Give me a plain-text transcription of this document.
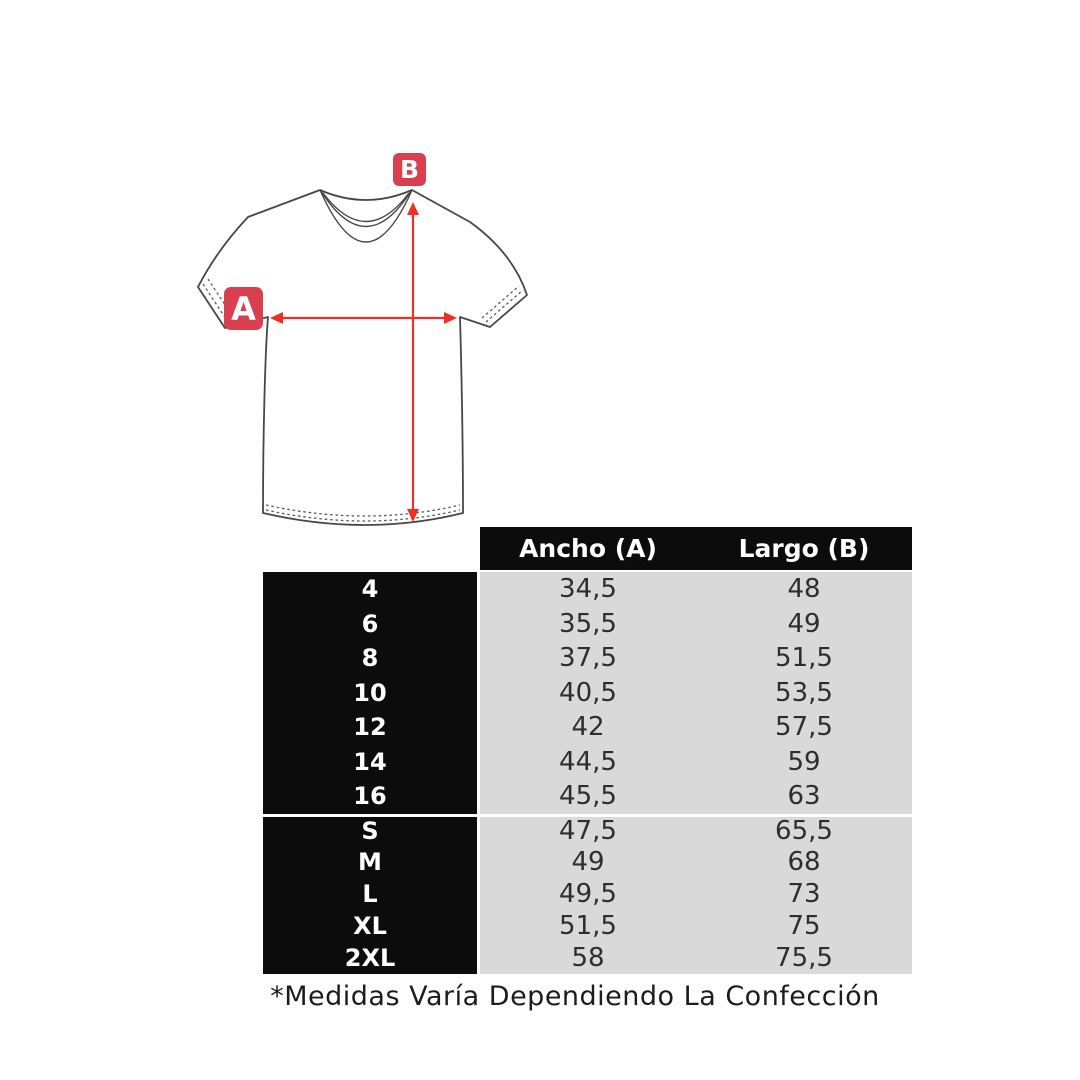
A
B
Ancho (A)	Largo (B)
4	34,5	48
6	35,5	49
8	37,5	51,5
10	40,5	53,5
12	42	57,5
14	44,5	59
16	45,5	63
S	47,5	65,5
M	49	68
L	49,5	73
XL	51,5	75
2XL	58	75,5
*Medidas Varía Dependiendo La Confección
